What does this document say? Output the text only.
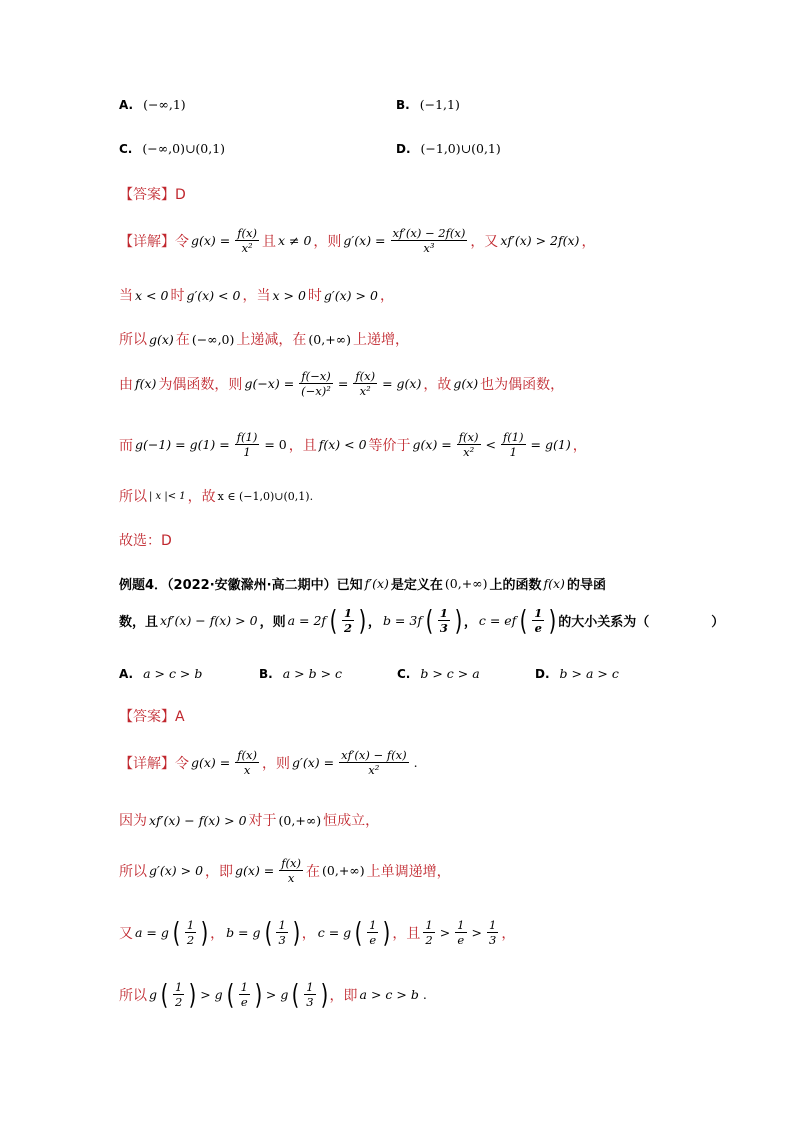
A. (−∞,1)	B. (−1,1)
C. (−∞,0)∪(0,1)	D. (−1,0)∪(0,1)
【答案】D
【详解】 令 $g(x) = \frac{f(x)}{\text{x²}}$ 且 x ≠ 0 ，则 $g'(x) = \frac{xf'(x) - 2f(x)}{\text{x³}}$ ，又 xf′(x) > 2f(x) ，
当 x < 0 时 g′(x) < 0 ，当 x > 0 时 g′(x) > 0 ，
所以 g(x) 在 (−∞,0) 上递减，在 (0,+∞) 上递增，
由 f(x) 为偶函数，则 $g(-x) = \frac{f(-x)}{\text{(−x)²}} = \frac{f(x)}{\text{x²}} = g(x)$ ，故 g(x) 也为偶函数，
而 $g(-1) = g(1) = \frac{f(1)}{1} = 0$ ，且 f(x) < 0 等价于 $g(x) = \frac{f(x)}{\text{x²}} < \frac{f(1)}{1} = g(1)$ ，
所以 | x |< 1 ，故 x ∈ (−1,0)∪(0,1).
故选：D
例题4．（2022·安徽滁州·高二期中）已知 f′(x) 是定义在 (0,+∞) 上的函数 f(x) 的导函
数，且 xf′(x) − f(x) > 0 ，则 a = 2f ( $\frac{1}{2}$ ) ， b = 3f ( $\frac{1}{3}$ ) ， c = ef ( $\frac{1}{e}$ ) 的大小关系为（	）
A. a > c > b	B. a > b > c	C. b > c > a	D. b > a > c
【答案】A
【详解】 令 $g(x) = \frac{f(x)}{x}$ ，则 $g'(x) = \frac{xf'(x) - f(x)}{\text{x²}}$ .
因为 xf′(x) − f(x) > 0 对于 (0,+∞) 恒成立，
所以 g′(x) > 0 ，即 $g(x) = \frac{f(x)}{x}$ 在 (0,+∞) 上单调递增，
又 a = g ( $\frac{1}{2}$ ) ， b = g ( $\frac{1}{3}$ ) ， c = g ( $\frac{1}{e}$ ) ，且 $\frac{1}{2} > \frac{1}{e} > \frac{1}{3}$ ，
所以 g ( $\frac{1}{2}$ ) > g ( $\frac{1}{e}$ ) > g ( $\frac{1}{3}$ ) ，即 a > c > b .
